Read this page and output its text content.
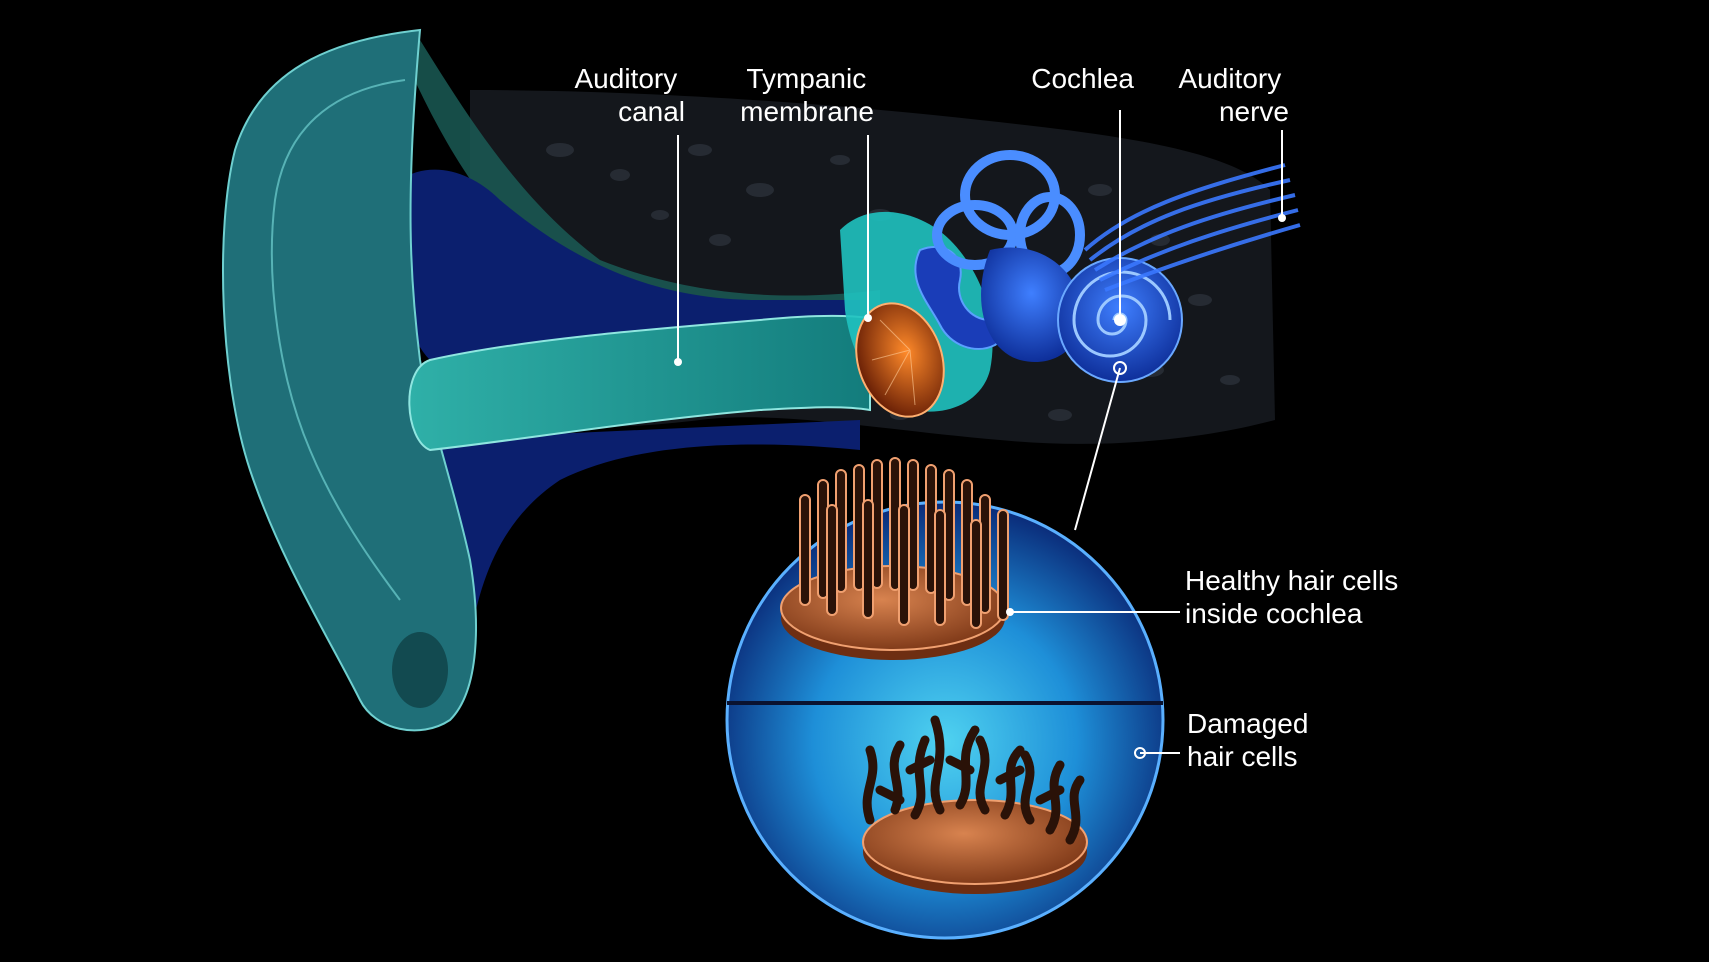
Auditory canal
Tympanic membrane
Cochlea Auditory nerve
Healthy hair cells inside cochlea
Damaged hair cells
